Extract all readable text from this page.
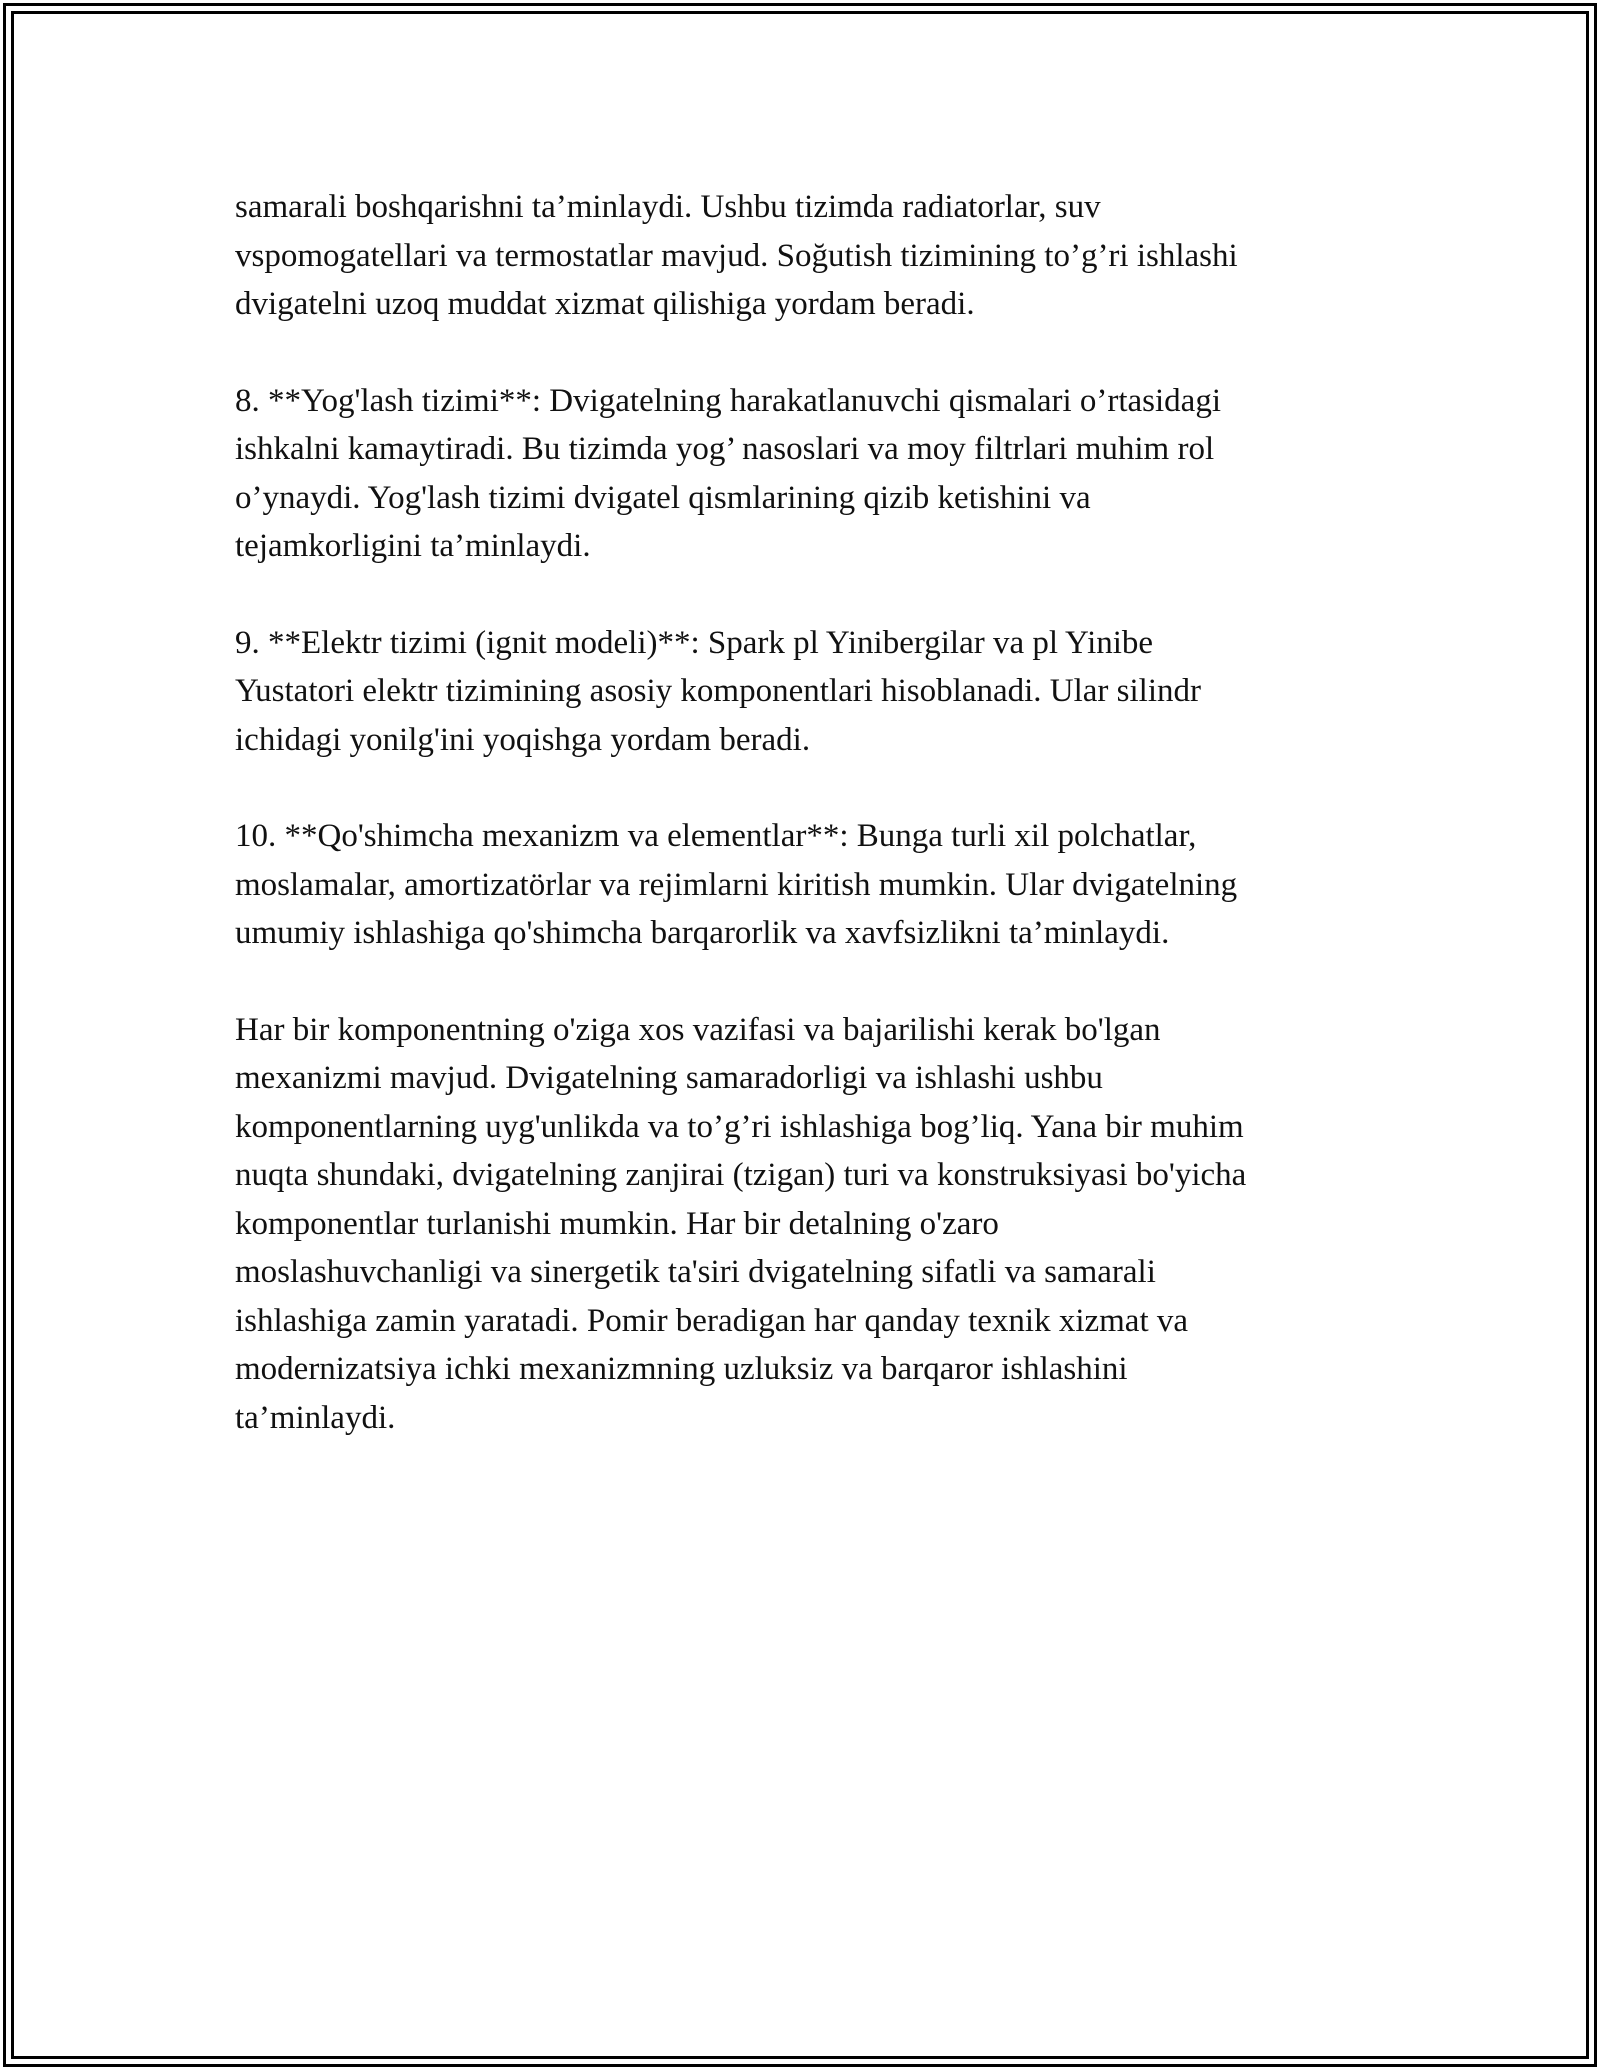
samarali boshqarishni ta’minlaydi. Ushbu tizimda radiatorlar, suv
vspomogatellari va termostatlar mavjud. Soğutish tizimining to’g’ri ishlashi
dvigatelni uzoq muddat xizmat qilishiga yordam beradi.

8. **Yog'lash tizimi**: Dvigatelning harakatlanuvchi qismalari o’rtasidagi
ishkalni kamaytiradi. Bu tizimda yog’ nasoslari va moy filtrlari muhim rol
o’ynaydi. Yog'lash tizimi dvigatel qismlarining qizib ketishini va
tejamkorligini ta’minlaydi.

9. **Elektr tizimi (ignit modeli)**: Spark pl Yinibergilar va pl Yinibe
Yustatori elektr tizimining asosiy komponentlari hisoblanadi. Ular silindr
ichidagi yonilg'ini yoqishga yordam beradi.

10. **Qo'shimcha mexanizm va elementlar**: Bunga turli xil polchatlar,
moslamalar, amortizatörlar va rejimlarni kiritish mumkin. Ular dvigatelning
umumiy ishlashiga qo'shimcha barqarorlik va xavfsizlikni ta’minlaydi.

Har bir komponentning o'ziga xos vazifasi va bajarilishi kerak bo'lgan
mexanizmi mavjud. Dvigatelning samaradorligi va ishlashi ushbu
komponentlarning uyg'unlikda va to’g’ri ishlashiga bog’liq. Yana bir muhim
nuqta shundaki, dvigatelning zanjirai (tzigan) turi va konstruksiyasi bo'yicha
komponentlar turlanishi mumkin. Har bir detalning o'zaro
moslashuvchanligi va sinergetik ta'siri dvigatelning sifatli va samarali
ishlashiga zamin yaratadi. Pomir beradigan har qanday texnik xizmat va
modernizatsiya ichki mexanizmning uzluksiz va barqaror ishlashini
ta’minlaydi.
